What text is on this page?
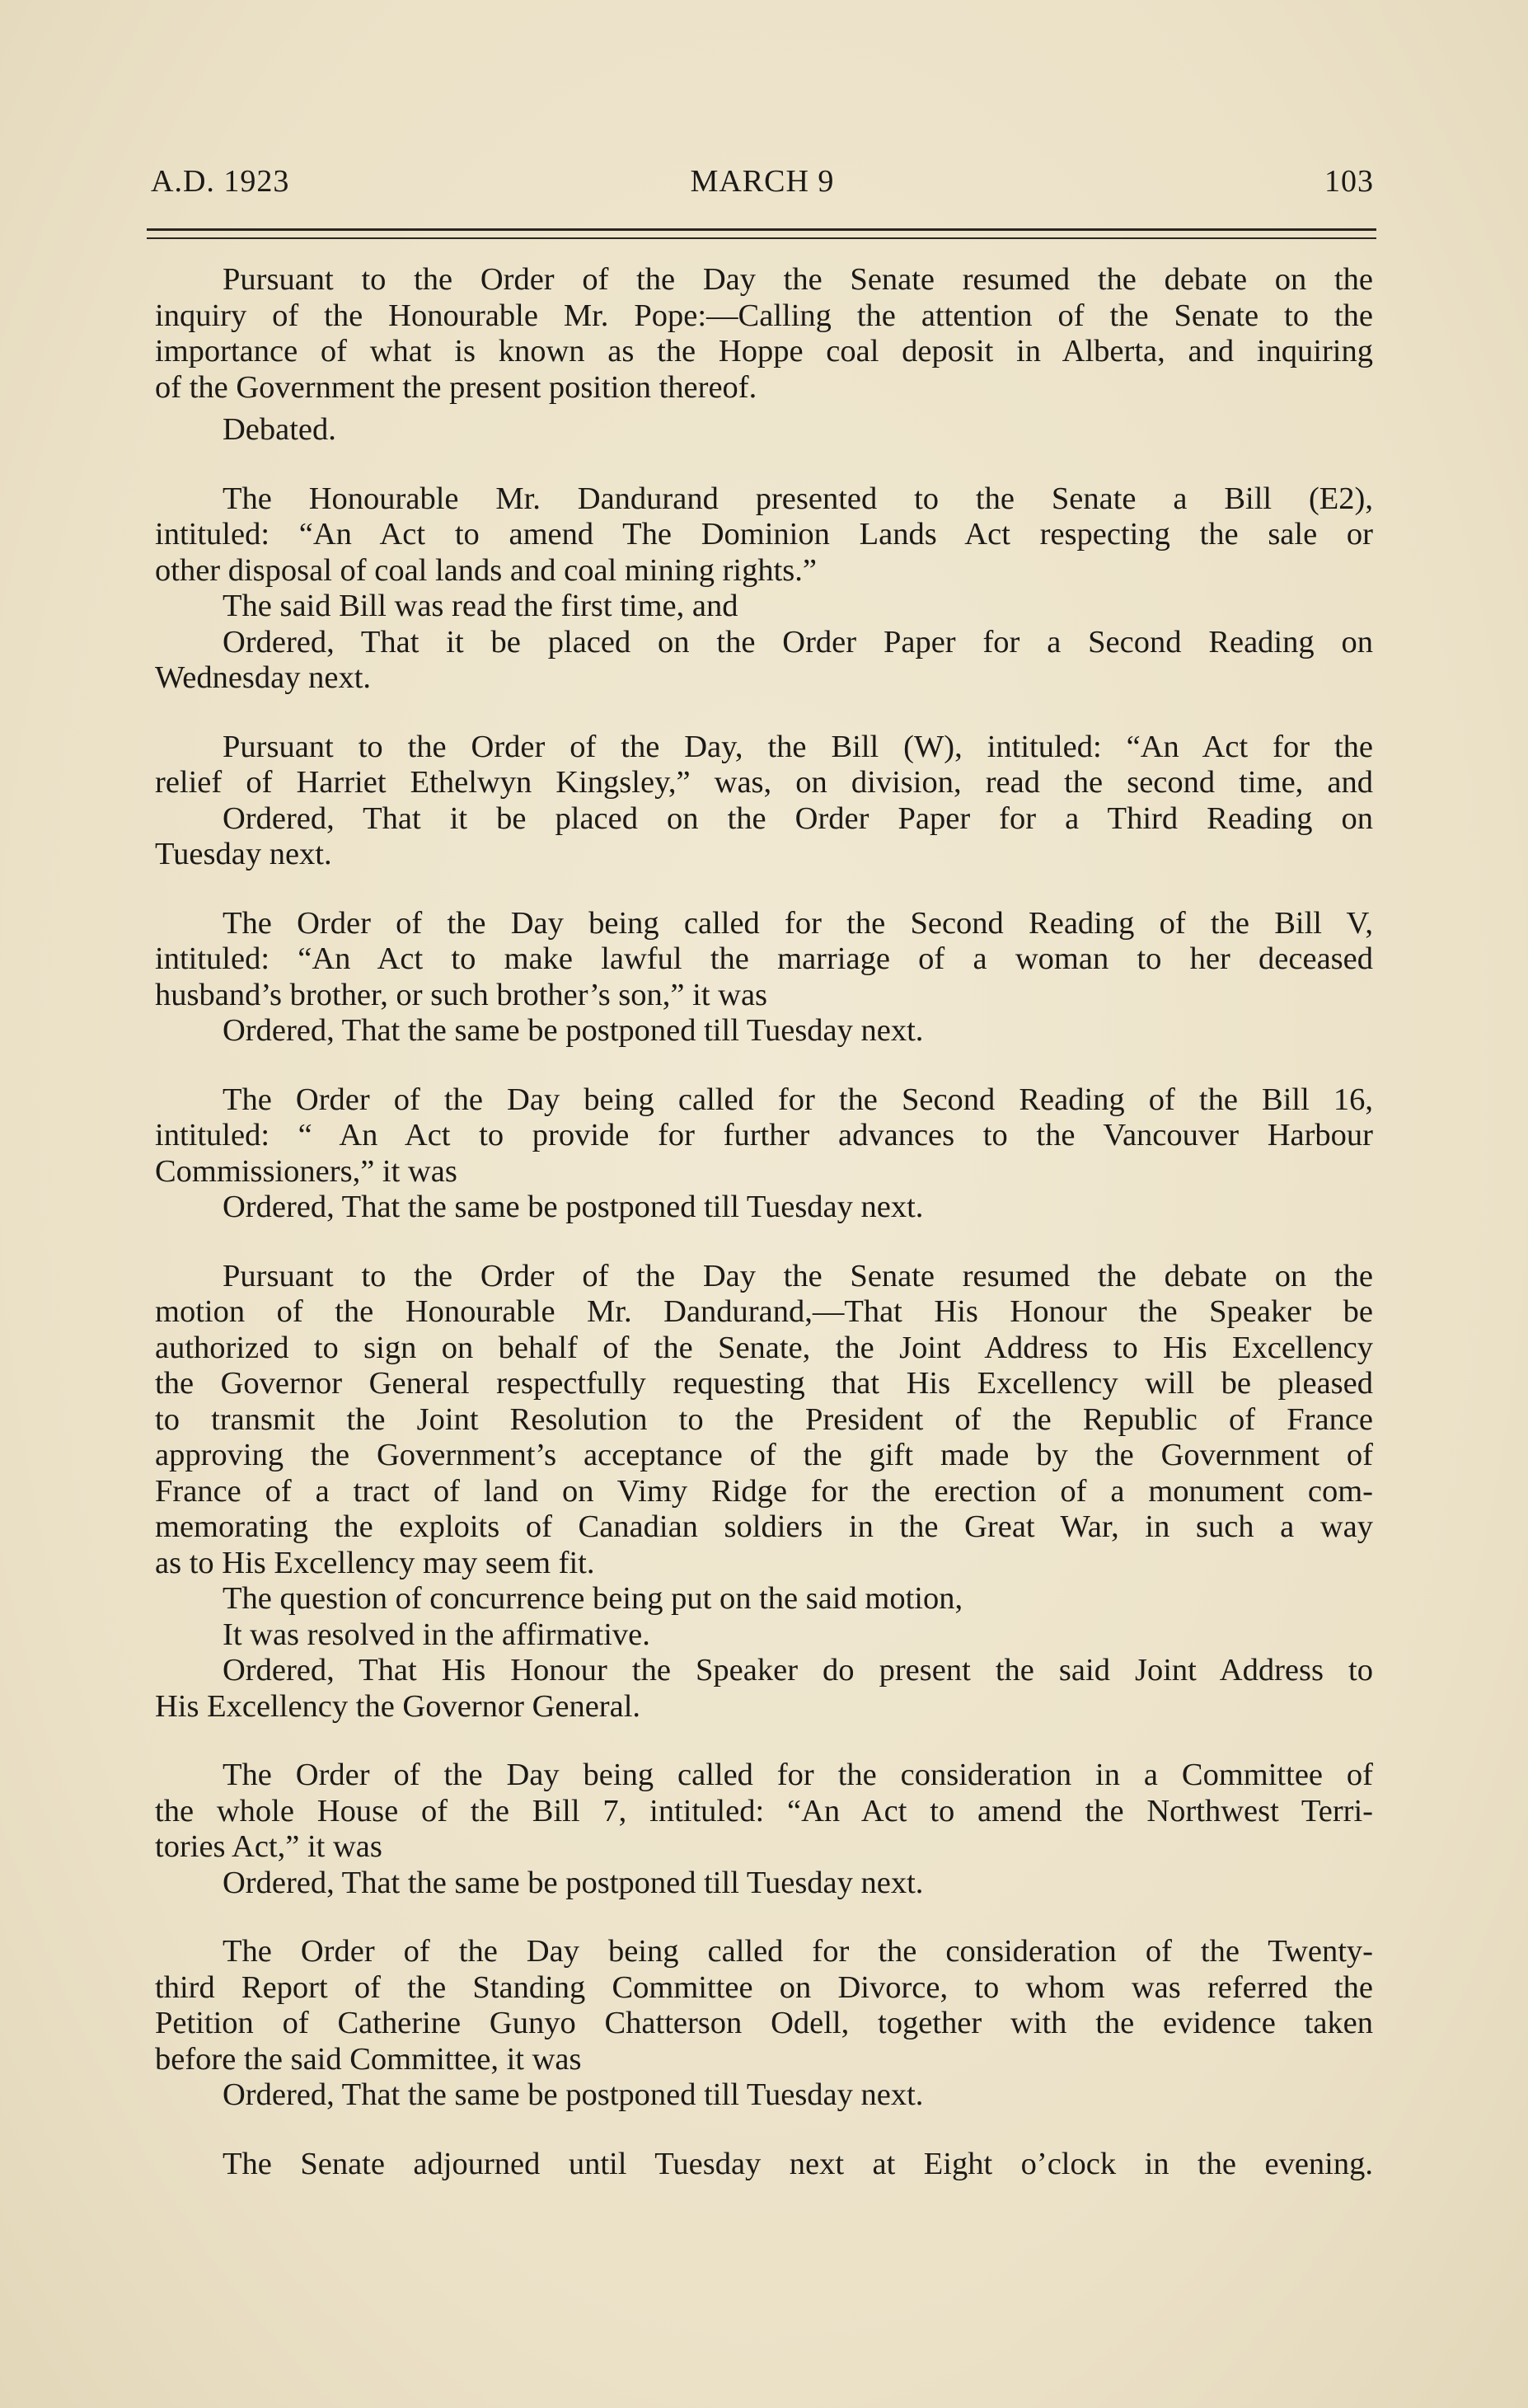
A.D. 1923	MARCH 9	103

Pursuant to the Order of the Day the Senate resumed the debate on the

inquiry of the Honourable Mr. Pope:—Calling the attention of the Senate to the

importance of what is known as the Hoppe coal deposit in Alberta, and inquiring

of the Government the present position thereof.

Debated.

The Honourable Mr. Dandurand presented to the Senate a Bill (E2),

intituled: “An Act to amend The Dominion Lands Act respecting the sale or

other disposal of coal lands and coal mining rights.”

The said Bill was read the first time, and

Ordered, That it be placed on the Order Paper for a Second Reading on

Wednesday next.

Pursuant to the Order of the Day, the Bill (W), intituled: “An Act for the

relief of Harriet Ethelwyn Kingsley,” was, on division, read the second time, and

Ordered, That it be placed on the Order Paper for a Third Reading on

Tuesday next.

The Order of the Day being called for the Second Reading of the Bill V,

intituled: “An Act to make lawful the marriage of a woman to her deceased

husband’s brother, or such brother’s son,” it was

Ordered, That the same be postponed till Tuesday next.

The Order of the Day being called for the Second Reading of the Bill 16,

intituled: “ An Act to provide for further advances to the Vancouver Harbour

Commissioners,” it was

Ordered, That the same be postponed till Tuesday next.

Pursuant to the Order of the Day the Senate resumed the debate on the

motion of the Honourable Mr. Dandurand,—That His Honour the Speaker be

authorized to sign on behalf of the Senate, the Joint Address to His Excellency

the Governor General respectfully requesting that His Excellency will be pleased

to transmit the Joint Resolution to the President of the Republic of France

approving the Government’s acceptance of the gift made by the Government of

France of a tract of land on Vimy Ridge for the erection of a monument com-

memorating the exploits of Canadian soldiers in the Great War, in such a way

as to His Excellency may seem fit.

The question of concurrence being put on the said motion,

It was resolved in the affirmative.

Ordered, That His Honour the Speaker do present the said Joint Address to

His Excellency the Governor General.

The Order of the Day being called for the consideration in a Committee of

the whole House of the Bill 7, intituled: “An Act to amend the Northwest Terri-

tories Act,” it was

Ordered, That the same be postponed till Tuesday next.

The Order of the Day being called for the consideration of the Twenty-

third Report of the Standing Committee on Divorce, to whom was referred the

Petition of Catherine Gunyo Chatterson Odell, together with the evidence taken

before the said Committee, it was

Ordered, That the same be postponed till Tuesday next.

The Senate adjourned until Tuesday next at Eight o’clock in the evening.
